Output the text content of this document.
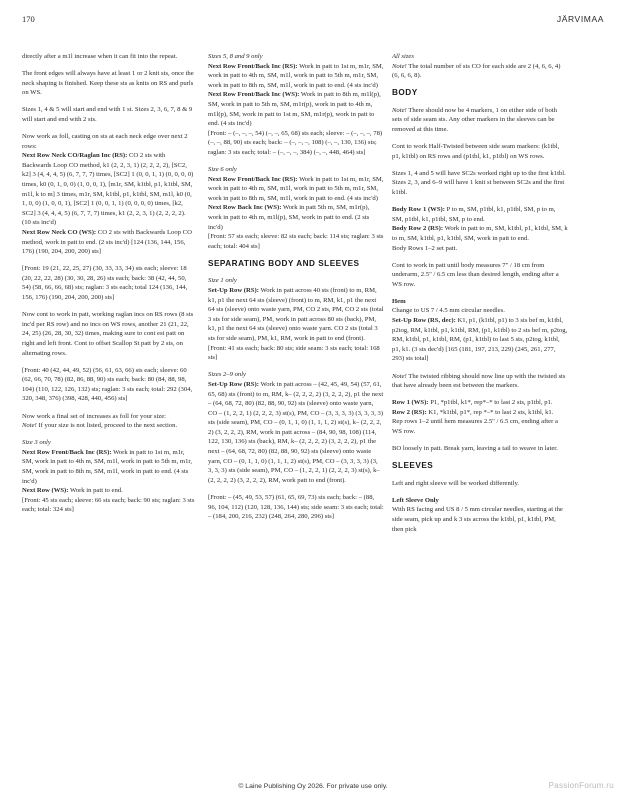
170	JÄRVIMAA

directly after a m1l increase when it can fit into the repeat.

The front edges will always have at least 1 or 2 knit sts, once the neck shaping is finished. Keep these sts as knits on RS and purls on WS.

Sizes 1, 4 & 5 will start and end with 1 st. Sizes 2, 3, 6, 7, 8 & 9 will start and end with 2 sts.

Now work as foll, casting on sts at each neck edge over next 2 rows:

Next Row Neck CO/Raglan Inc (RS): CO 2 sts with Backwards Loop CO method, k1 (2, 2, 3, 1) (2, 2, 2, 2), [SC2, k2] 3 (4, 4, 4, 5) (6, 7, 7, 7) times, [SC2] 1 (0, 0, 1, 1) (0, 0, 0, 0) times, k0 (0, 1, 0, 0) (1, 0, 0, 1), [m1r, SM, k1tbl, p1, k1tbl, SM, m1l, k to m] 3 times, m1r, SM, k1tbl, p1, k1tbl, SM, m1l, k0 (0, 1, 0, 0) (1, 0, 0, 1), [SC2] 1 (0, 0, 1, 1) (0, 0, 0, 0) times, [k2, SC2] 3 (4, 4, 4, 5) (6, 7, 7, 7) times, k1 (2, 2, 3, 1) (2, 2, 2, 2). (10 sts inc'd)

Next Row Neck CO (WS): CO 2 sts with Backwards Loop CO method, work in patt to end. (2 sts inc'd) [124 (136, 144, 156, 176) (190, 204, 200, 200) sts]

[Front: 19 (21, 22, 25, 27) (30, 33, 33, 34) sts each; sleeve: 18 (20, 22, 22, 28) (30, 30, 28, 26) sts each; back: 38 (42, 44, 50, 54) (58, 66, 66, 68) sts; raglan: 3 sts each; total 124 (136, 144, 156, 176) (190, 204, 200, 200) sts]

Now cont to work in patt, working raglan incs on RS rows (8 sts inc'd per RS row) and no incs on WS rows, another 21 (21, 22, 24, 25) (26, 28, 30, 32) times, making sure to cont est patt on right and left front. Cont to offset Scallop St patt by 2 sts, on alternating rows.

[Front: 40 (42, 44, 49, 52) (56, 61, 63, 66) sts each; sleeve: 60 (62, 66, 70, 78) (82, 86, 88, 90) sts each; back: 80 (84, 88, 98, 104) (110, 122, 126, 132) sts; raglan: 3 sts each; total: 292 (304, 320, 348, 376) (398, 428, 440, 456) sts]

Now work a final set of increases as foll for your size:

Note! If your size is not listed, proceed to the next section.

Size 3 only

Next Row Front/Back Inc (RS): Work in patt to 1st m, m1r, SM, work in patt to 4th m, SM, m1l, work in patt to 5th m, m1r, SM, work in patt to 8th m, SM, m1l, work in patt to end. (4 sts inc'd)

Next Row (WS): Work in patt to end.

[Front: 45 sts each; sleeve: 66 sts each; back: 90 sts; raglan: 3 sts each; total: 324 sts]

Sizes 5, 8 and 9 only

Next Row Front/Back Inc (RS): Work in patt to 1st m, m1r, SM, work in patt to 4th m, SM, m1l, work in patt to 5th m, m1r, SM, work in patt to 8th m, SM, m1l, work in patt to end. (4 sts inc'd)

Next Row Front/Back Inc (WS): Work in patt to 8th m, m1l(p), SM, work in patt to 5th m, SM, m1r(p), work in patt to 4th m, m1l(p), SM, work in patt to 1st m, SM, m1r(p), work in patt to end. (4 sts inc'd)

[Front: – (–, –, –, 54) (–, –, 65, 68) sts each; sleeve: – (–, –, –, 78) (–, –, 88, 90) sts each; back: – (–, –, –, 108) (–, –, 130, 136) sts; raglan: 3 sts each; total: – (–, –, –, 384) (–, –, 448, 464) sts]

Size 6 only

Next Row Front/Back Inc (RS): Work in patt to 1st m, m1r, SM, work in patt to 4th m, SM, m1l, work in patt to 5th m, m1r, SM, work in patt to 8th m, SM, m1l, work in patt to end. (4 sts inc'd)

Next Row Back Inc (WS): Work in patt 5th m, SM, m1r(p), work in patt to 4th m, m1l(p), SM, work in patt to end. (2 sts inc'd)

[Front: 57 sts each; sleeve: 82 sts each; back: 114 sts; raglan: 3 sts each; total: 404 sts]

SEPARATING BODY AND SLEEVES
Size 1 only

Set-Up Row (RS): Work in patt across 40 sts (front) to m, RM, k1, p1 the next 64 sts (sleeve) (front) to m, RM, k1, p1 the next 64 sts (sleeve) onto waste yarn, PM, CO 2 sts, PM, CO 2 sts (total 3 sts for side seam), PM, work in patt across 80 sts (back), PM, k1, p1 the next 64 sts (sleeve) onto waste yarn. CO 2 sts (total 3 sts for side seam), PM, k1, RM, work in patt to end (front).

[Front: 41 sts each; back: 80 sts; side seam: 3 sts each; total: 168 sts]

Sizes 2–9 only

Set-Up Row (RS): Work in patt across – (42, 45, 49, 54) (57, 61, 65, 68) sts (front) to m, RM, k– (2, 2, 2, 2) (3, 2, 2, 2), p1 the next – (64, 68, 72, 80) (82, 88, 90, 92) sts (sleeve) onto waste yarn, CO – (1, 2, 2, 1) (2, 2, 2, 3) st(s), PM, CO – (3, 3, 3, 3) (3, 3, 3, 3) sts (side seam), PM, CO – (0, 1, 1, 0) (1, 1, 1, 2) st(s), k– (2, 2, 2, 2) (3, 2, 2, 2), RM, work in patt across – (84, 90, 98, 108) (114, 122, 130, 136) sts (back), RM, k– (2, 2, 2, 2) (3, 2, 2, 2), p1 the next – (64, 68, 72, 80) (82, 88, 90, 92) sts (sleeve) onto waste yarn, CO – (0, 1, 1, 0) (1, 1, 1, 2) st(s), PM, CO – (3, 3, 3, 3) (3, 3, 3, 3) sts (side seam), PM, CO – (1, 2, 2, 1) (2, 2, 2, 3) st(s), k– (2, 2, 2, 2) (3, 2, 2, 2), RM, work patt to end (front).

[Front: – (45, 49, 53, 57) (61, 65, 69, 73) sts each; back: – (88, 96, 104, 112) (120, 128, 136, 144) sts; side seam: 3 sts each; total: – (184, 200, 216, 232) (248, 264, 280, 296) sts]

All sizes

Note! The total number of sts CO for each side are 2 (4, 6, 6, 4) (6, 6, 6, 8).

BODY

Note! There should now be 4 markers, 1 on either side of both sets of side seam sts. Any other markers in the sleeves can be removed at this time.

Cont to work Half-Twisted between side seam markers: (k1tbl, p1, k1tbl) on RS rows and (p1tbl, k1, p1tbl) on WS rows.

Sizes 1, 4 and 5 will have SC2s worked right up to the first k1tbl. Sizes 2, 3, and 6–9 will have 1 knit st between SC2s and the first k1tbl.

Body Row 1 (WS): P to m, SM, p1tbl, k1, p1tbl, SM, p to m, SM, p1tbl, k1, p1tbl, SM, p to end.

Body Row 2 (RS): Work in patt to m, SM, k1tbl, p1, k1tbl, SM, k to m, SM, k1tbl, p1, k1tbl, SM, work in patt to end.

Body Rows 1–2 set patt.

Cont to work in patt until body measures 7" / 18 cm from underarm, 2.5" / 6.5 cm less than desired length, ending after a WS row.

Hem

Change to US 7 / 4.5 mm circular needles.

Set-Up Row (RS, dec): K1, p1, (k1tbl, p1) to 3 sts bef m, k1tbl, p2tog, RM, k1tbl, p1, k1tbl, RM, (p1, k1tbl) to 2 sts bef m, p2tog, RM, k1tbl, p1, k1tbl, RM, (p1, k1tbl) to last 5 sts, p2tog, k1tbl, p1, k1. (3 sts dec'd) [165 (181, 197, 213, 229) (245, 261, 277, 293) sts total]

Note! The twisted ribbing should now line up with the twisted sts that have already been est between the markers.

Row 1 (WS): P1, *p1tbl, k1*, rep*–* to last 2 sts, p1tbl, p1.

Row 2 (RS): K1, *k1tbl, p1*, rep *–* to last 2 sts, k1tbl, k1.

Rep rows 1–2 until hem measures 2.5" / 6.5 cm, ending after a WS row.

BO loosely in patt. Break yarn, leaving a tail to weave in later.

SLEEVES

Left and right sleeve will be worked differently.

Left Sleeve Only

With RS facing and US 8 / 5 mm circular needles, starting at the side seam, pick up and k 3 sts across the k1tbl, p1, k1tbl, PM, then pick

© Laine Publishing Oy 2026. For private use only.	PassionForum.ru
